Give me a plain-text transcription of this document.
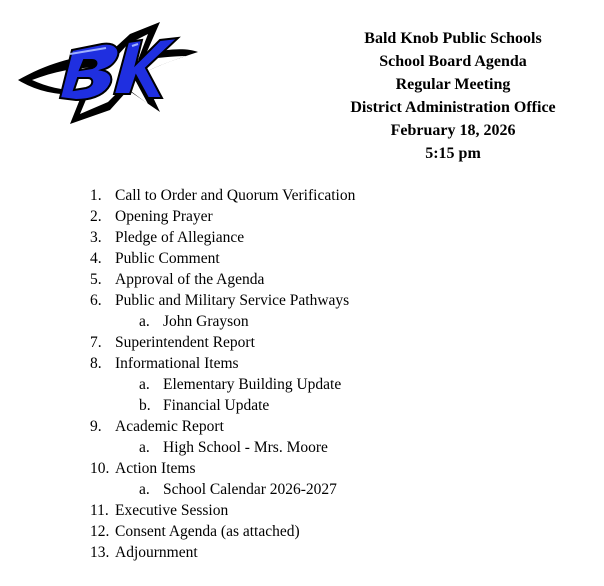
Bald Knob Public Schools
School Board Agenda
Regular Meeting
District Administration Office
February 18, 2026
5:15 pm
1. Call to Order and Quorum Verification
2. Opening Prayer
3. Pledge of Allegiance
4. Public Comment
5. Approval of the Agenda
6. Public and Military Service Pathways
a. John Grayson
7. Superintendent Report
8. Informational Items
a. Elementary Building Update
b. Financial Update
9. Academic Report
a. High School - Mrs. Moore
10. Action Items
a. School Calendar 2026-2027
11. Executive Session
12. Consent Agenda (as attached)
13. Adjournment
